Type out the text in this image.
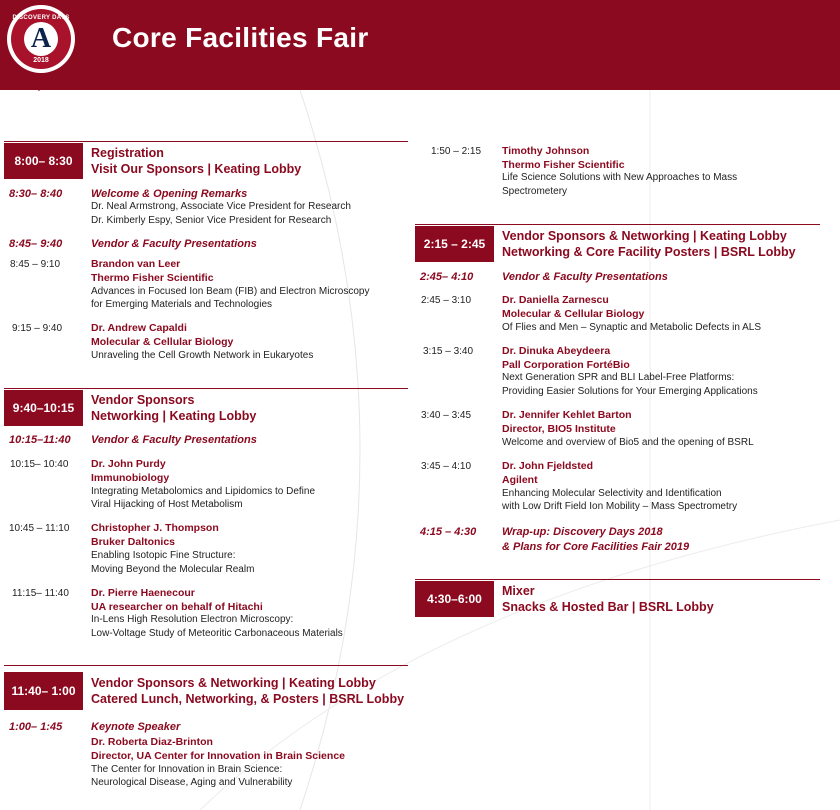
DISCOVERY DAYS
A
2018
Core Facilities Fair
8:00– 8:30
Registration
Visit Our Sponsors | Keating Lobby
8:30– 8:40	Welcome & Opening Remarks
Dr. Neal Armstrong, Associate Vice President for Research
Dr. Kimberly Espy, Senior Vice President for Research
8:45– 9:40	Vendor & Faculty Presentations
8:45 – 9:10	Brandon van Leer
Thermo Fisher Scientific
Advances in Focused Ion Beam (FIB) and Electron Microscopy
for Emerging Materials and Technologies
9:15 – 9:40	Dr. Andrew Capaldi
Molecular & Cellular Biology
Unraveling the Cell Growth Network in Eukaryotes
9:40–10:15
Vendor Sponsors
Networking | Keating Lobby
10:15–11:40 Vendor & Faculty Presentations
10:15– 10:40 Dr. John Purdy
Immunobiology
Integrating Metabolomics and Lipidomics to Define
Viral Hijacking of Host Metabolism
10:45 – 11:10 Christopher J. Thompson
Bruker Daltonics
Enabling Isotopic Fine Structure:
Moving Beyond the Molecular Realm
11:15– 11:40 Dr. Pierre Haenecour
UA researcher on behalf of Hitachi
In-Lens High Resolution Electron Microscopy:
Low-Voltage Study of Meteoritic Carbonaceous Materials
11:40– 1:00
Vendor Sponsors & Networking | Keating Lobby
Catered Lunch, Networking, & Posters | BSRL Lobby
1:00– 1:45	Keynote Speaker
Dr. Roberta Diaz-Brinton
Director, UA Center for Innovation in Brain Science
The Center for Innovation in Brain Science:
Neurological Disease, Aging and Vulnerability
1:50 – 2:15 Timothy Johnson
Thermo Fisher Scientific
Life Science Solutions with New Approaches to Mass
Spectrometery
2:15 – 2:45
Vendor Sponsors & Networking | Keating Lobby
Networking & Core Facility Posters | BSRL Lobby
2:45– 4:10	Vendor & Faculty Presentations
2:45 – 3:10	Dr. Daniella Zarnescu
Molecular & Cellular Biology
Of Flies and Men – Synaptic and Metabolic Defects in ALS
3:15 – 3:40	Dr. Dinuka Abeydeera
Pall Corporation FortéBio
Next Generation SPR and BLI Label-Free Platforms:
Providing Easier Solutions for Your Emerging Applications
3:40 – 3:45	Dr. Jennifer Kehlet Barton
Director, BIO5 Institute
Welcome and overview of Bio5 and the opening of BSRL
3:45 – 4:10	Dr. John Fjeldsted
Agilent
Enhancing Molecular Selectivity and Identification
with Low Drift Field Ion Mobility – Mass Spectrometry
4:15 – 4:30 Wrap-up: Discovery Days 2018
& Plans for Core Facilities Fair 2019
4:30–6:00
Mixer
Snacks & Hosted Bar | BSRL Lobby
